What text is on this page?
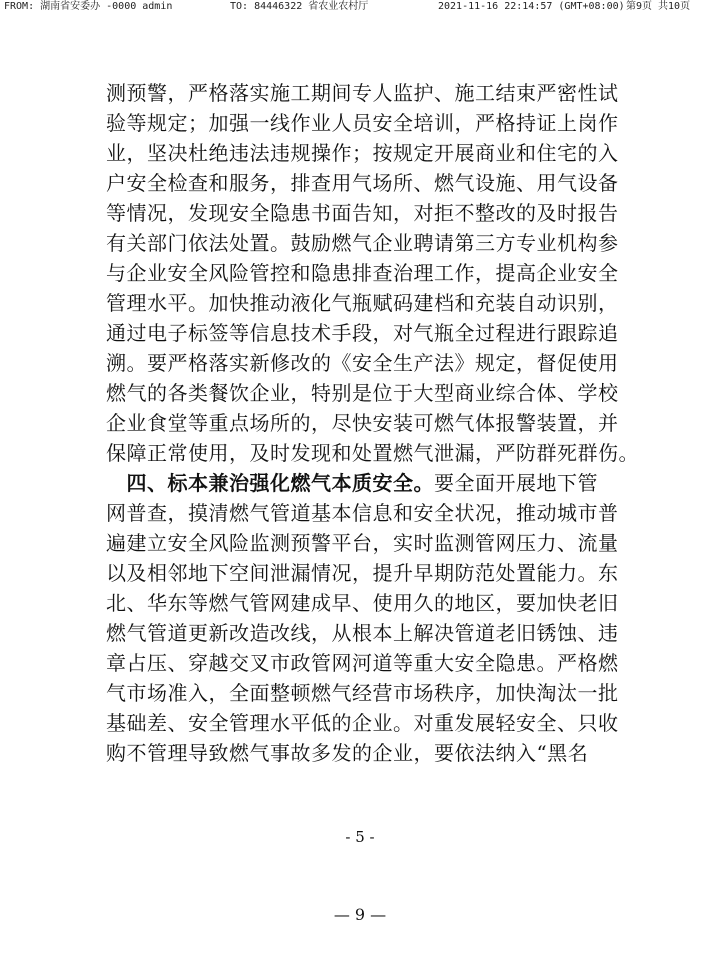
FROM: 湖南省安委办 -0000 admin	TO: 84446322 省农业农村厅	2021-11-16 22:14:57 (GMT+08:00) 第9页 共10页
测预警，严格落实施工期间专人监护、施工结束严密性试
验等规定；加强一线作业人员安全培训，严格持证上岗作
业，坚决杜绝违法违规操作；按规定开展商业和住宅的入
户安全检查和服务，排查用气场所、燃气设施、用气设备
等情况，发现安全隐患书面告知，对拒不整改的及时报告
有关部门依法处置。鼓励燃气企业聘请第三方专业机构参
与企业安全风险管控和隐患排查治理工作，提高企业安全
管理水平。加快推动液化气瓶赋码建档和充装自动识别，
通过电子标签等信息技术手段，对气瓶全过程进行跟踪追
溯。要严格落实新修改的《安全生产法》规定，督促使用
燃气的各类餐饮企业，特别是位于大型商业综合体、学校
企业食堂等重点场所的，尽快安装可燃气体报警装置，并
保障正常使用，及时发现和处置燃气泄漏，严防群死群伤。
 四、标本兼治强化燃气本质安全。要全面开展地下管
网普查，摸清燃气管道基本信息和安全状况，推动城市普
遍建立安全风险监测预警平台，实时监测管网压力、流量
以及相邻地下空间泄漏情况，提升早期防范处置能力。东
北、华东等燃气管网建成早、使用久的地区，要加快老旧
燃气管道更新改造改线，从根本上解决管道老旧锈蚀、违
章占压、穿越交叉市政管网河道等重大安全隐患。严格燃
气市场准入，全面整顿燃气经营市场秩序，加快淘汰一批
基础差、安全管理水平低的企业。对重发展轻安全、只收
购不管理导致燃气事故多发的企业，要依法纳入“黑名
- 5 -
— 9 —
